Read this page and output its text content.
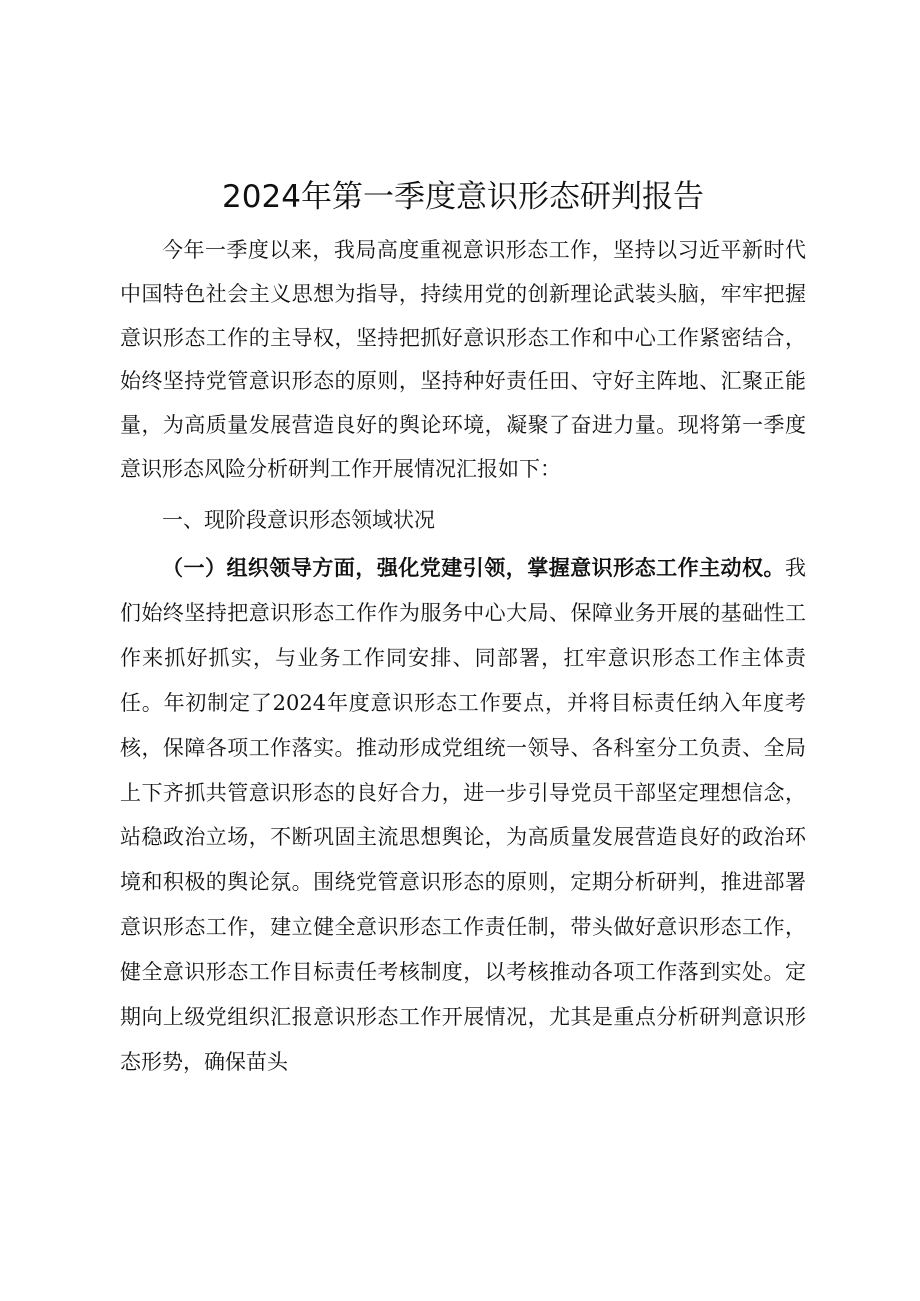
2024年第一季度意识形态研判报告

今年一季度以来，我局高度重视意识形态工作，坚持以习近平新时代中国特色社会主义思想为指导，持续用党的创新理论武装头脑，牢牢把握意识形态工作的主导权，坚持把抓好意识形态工作和中心工作紧密结合，始终坚持党管意识形态的原则，坚持种好责任田、守好主阵地、汇聚正能量，为高质量发展营造良好的舆论环境，凝聚了奋进力量。现将第一季度意识形态风险分析研判工作开展情况汇报如下：

一、现阶段意识形态领域状况

（一）组织领导方面，强化党建引领，掌握意识形态工作主动权。我们始终坚持把意识形态工作作为服务中心大局、保障业务开展的基础性工作来抓好抓实，与业务工作同安排、同部署，扛牢意识形态工作主体责任。年初制定了2024年度意识形态工作要点，并将目标责任纳入年度考核，保障各项工作落实。推动形成党组统一领导、各科室分工负责、全局上下齐抓共管意识形态的良好合力，进一步引导党员干部坚定理想信念，站稳政治立场，不断巩固主流思想舆论，为高质量发展营造良好的政治环境和积极的舆论氛。围绕党管意识形态的原则，定期分析研判，推进部署意识形态工作，建立健全意识形态工作责任制，带头做好意识形态工作，健全意识形态工作目标责任考核制度，以考核推动各项工作落到实处。定期向上级党组织汇报意识形态工作开展情况，尤其是重点分析研判意识形态形势，确保苗头
